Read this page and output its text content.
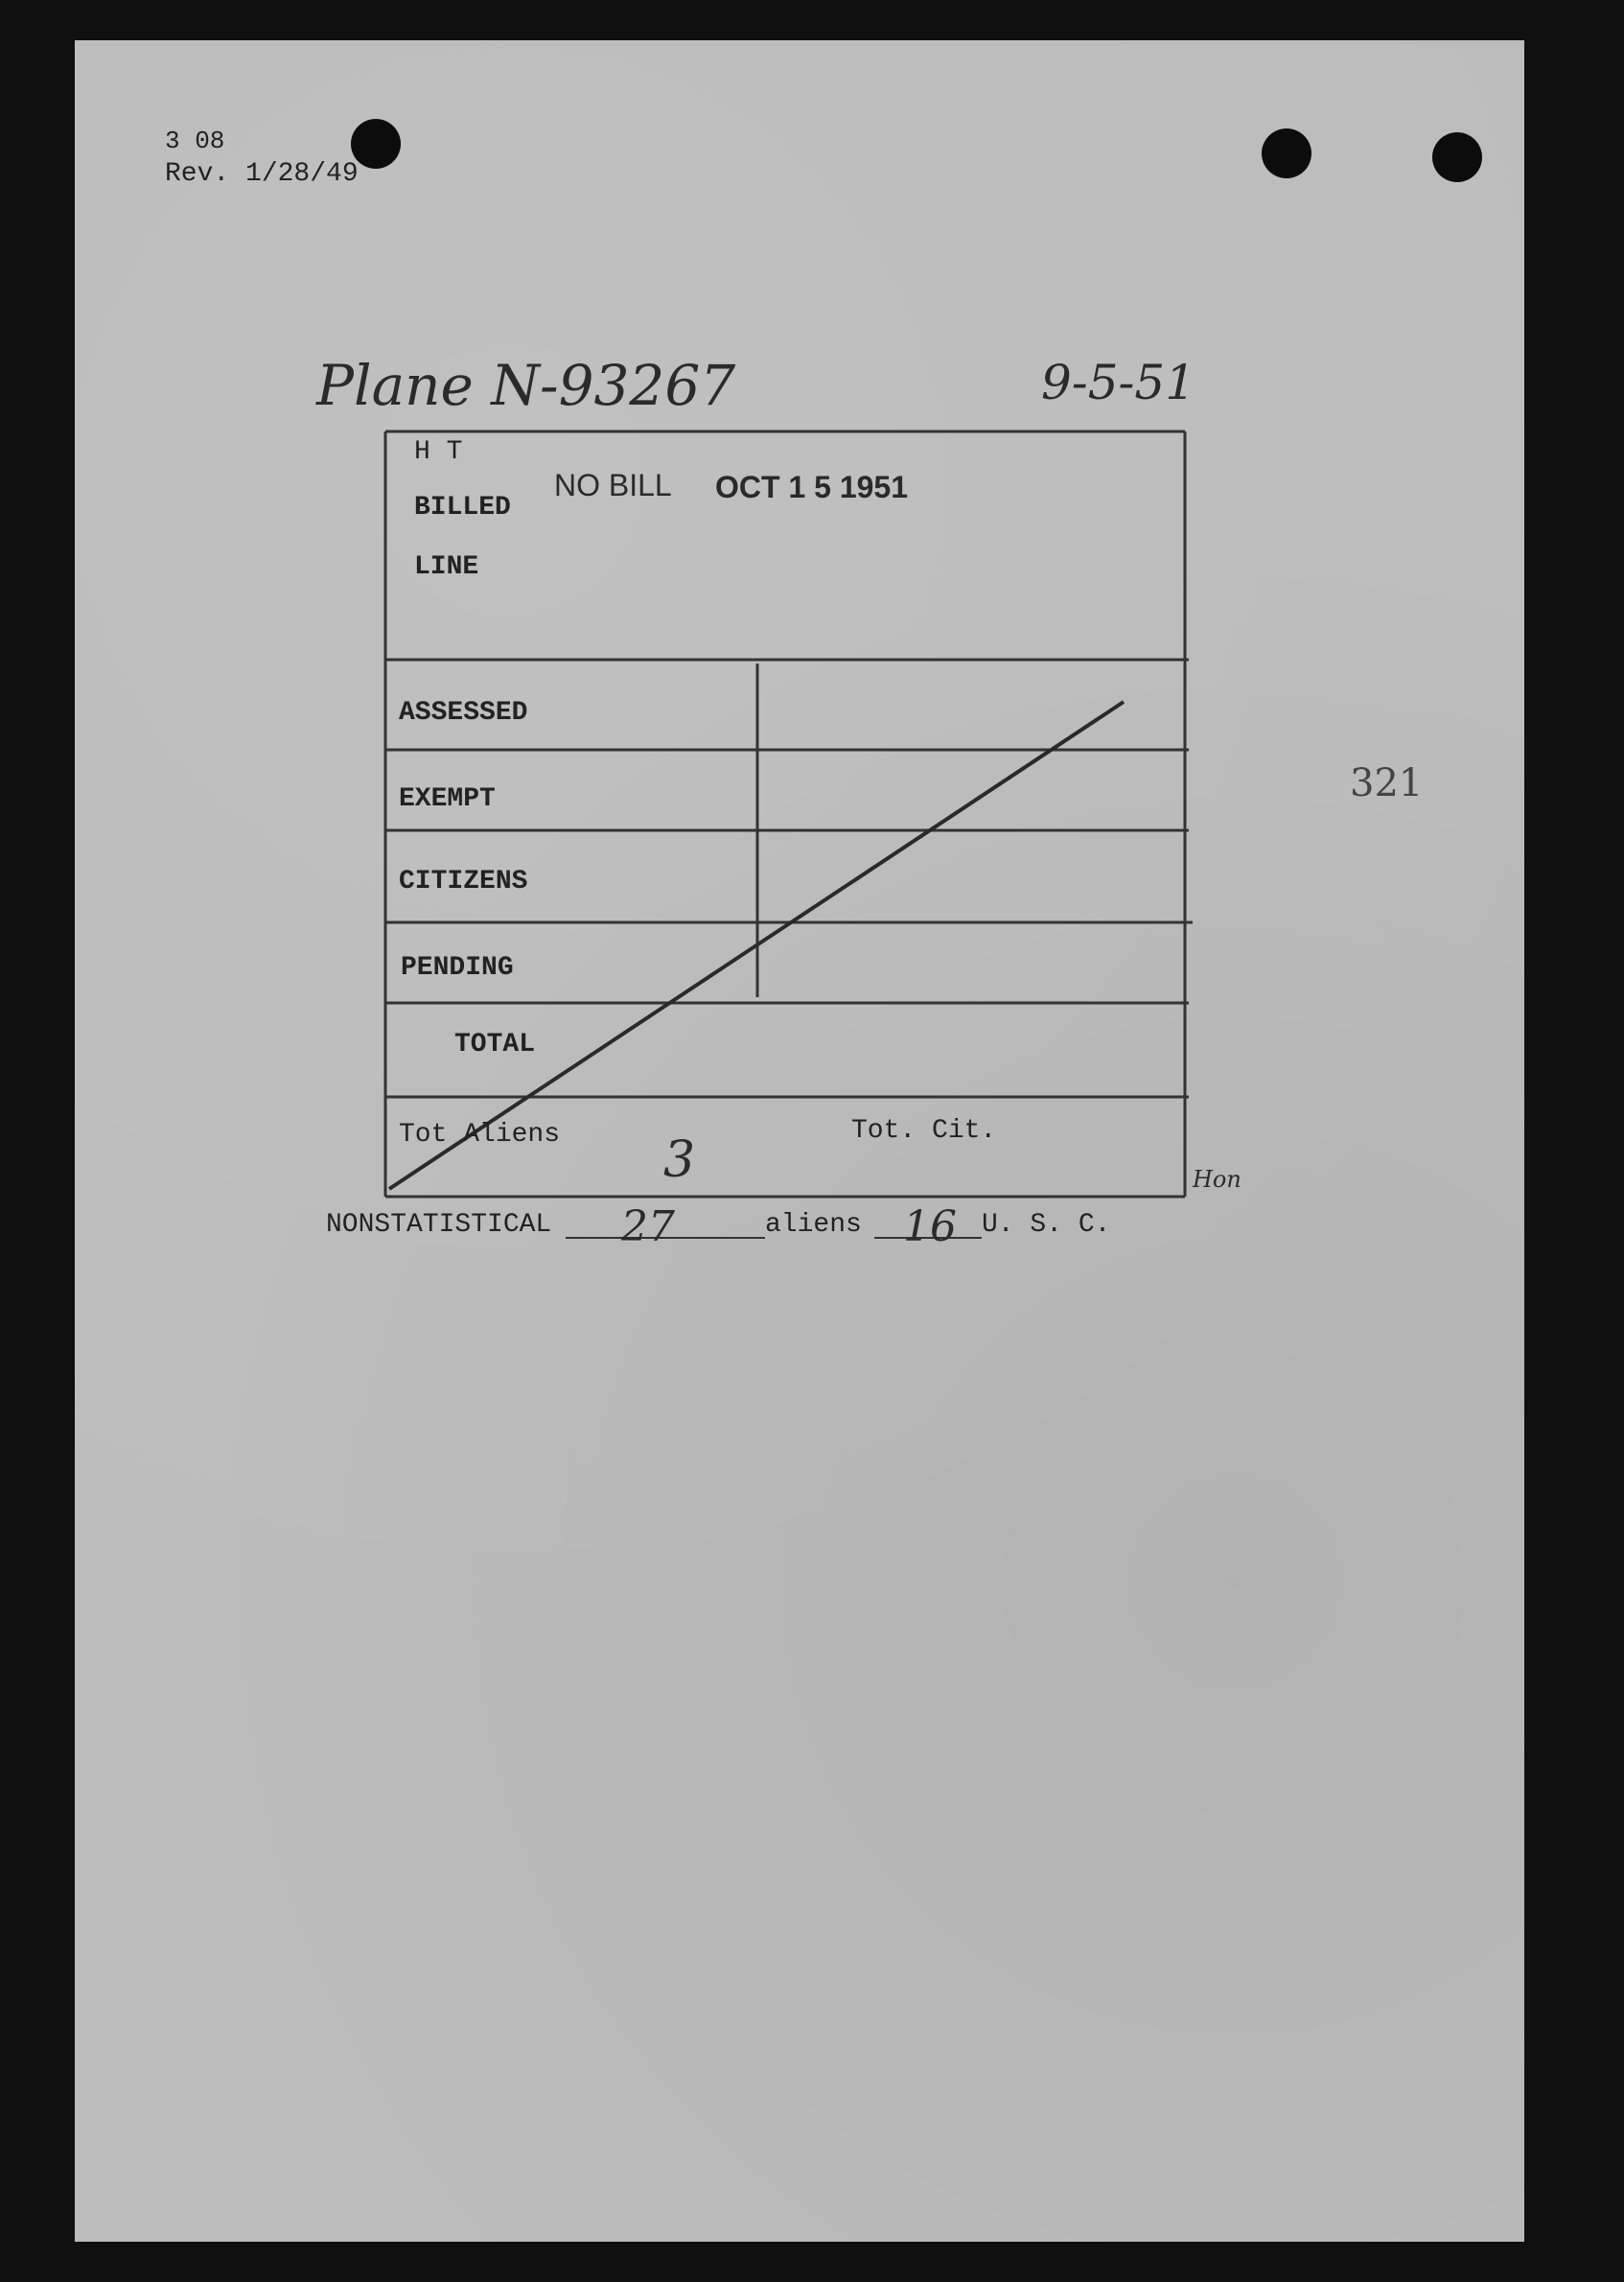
3 08
Rev. 1/28/49
Plane N-93267	9-5-51
H T
BILLED
LINE
NO BILL OCT 1 5 1951
ASSESSED
EXEMPT
CITIZENS
PENDING
TOTAL
Tot Aliens	Tot. Cit.
3	Hon
321
NONSTATISTICAL 27	aliens 16 U. S. C.
